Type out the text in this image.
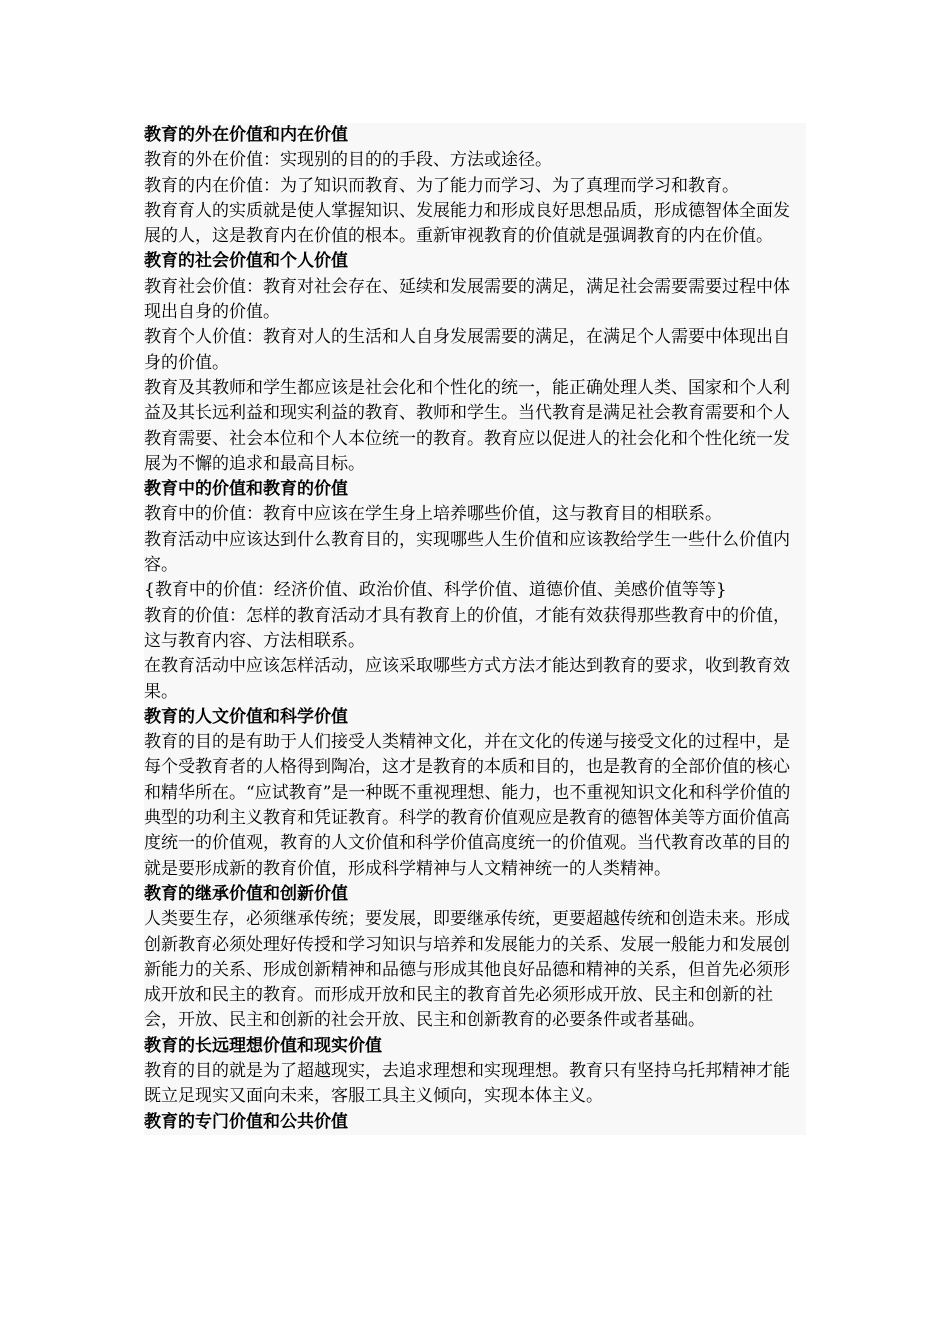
教育的外在价值和内在价值

教育的外在价值：实现别的目的的手段、方法或途径。

教育的内在价值：为了知识而教育、为了能力而学习、为了真理而学习和教育。

教育育人的实质就是使人掌握知识、发展能力和形成良好思想品质，形成德智体全面发展的人，这是教育内在价值的根本。重新审视教育的价值就是强调教育的内在价值。

教育的社会价值和个人价值

教育社会价值：教育对社会存在、延续和发展需要的满足，满足社会需要需要过程中体现出自身的价值。

教育个人价值：教育对人的生活和人自身发展需要的满足，在满足个人需要中体现出自身的价值。

教育及其教师和学生都应该是社会化和个性化的统一，能正确处理人类、国家和个人利益及其长远利益和现实利益的教育、教师和学生。当代教育是满足社会教育需要和个人教育需要、社会本位和个人本位统一的教育。教育应以促进人的社会化和个性化统一发展为不懈的追求和最高目标。

教育中的价值和教育的价值

教育中的价值：教育中应该在学生身上培养哪些价值，这与教育目的相联系。

教育活动中应该达到什么教育目的，实现哪些人生价值和应该教给学生一些什么价值内容。

{教育中的价值：经济价值、政治价值、科学价值、道德价值、美感价值等等}

教育的价值：怎样的教育活动才具有教育上的价值，才能有效获得那些教育中的价值，这与教育内容、方法相联系。

在教育活动中应该怎样活动，应该采取哪些方式方法才能达到教育的要求，收到教育效果。

教育的人文价值和科学价值

教育的目的是有助于人们接受人类精神文化，并在文化的传递与接受文化的过程中，是每个受教育者的人格得到陶冶，这才是教育的本质和目的，也是教育的全部价值的核心和精华所在。“应试教育”是一种既不重视理想、能力，也不重视知识文化和科学价值的典型的功利主义教育和凭证教育。科学的教育价值观应是教育的德智体美等方面价值高度统一的价值观，教育的人文价值和科学价值高度统一的价值观。当代教育改革的目的就是要形成新的教育价值，形成科学精神与人文精神统一的人类精神。

教育的继承价值和创新价值

人类要生存，必须继承传统；要发展，即要继承传统，更要超越传统和创造未来。形成创新教育必须处理好传授和学习知识与培养和发展能力的关系、发展一般能力和发展创新能力的关系、形成创新精神和品德与形成其他良好品德和精神的关系，但首先必须形成开放和民主的教育。而形成开放和民主的教育首先必须形成开放、民主和创新的社会，开放、民主和创新的社会开放、民主和创新教育的必要条件或者基础。

教育的长远理想价值和现实价值

教育的目的就是为了超越现实，去追求理想和实现理想。教育只有坚持乌托邦精神才能既立足现实又面向未来，客服工具主义倾向，实现本体主义。

教育的专门价值和公共价值
